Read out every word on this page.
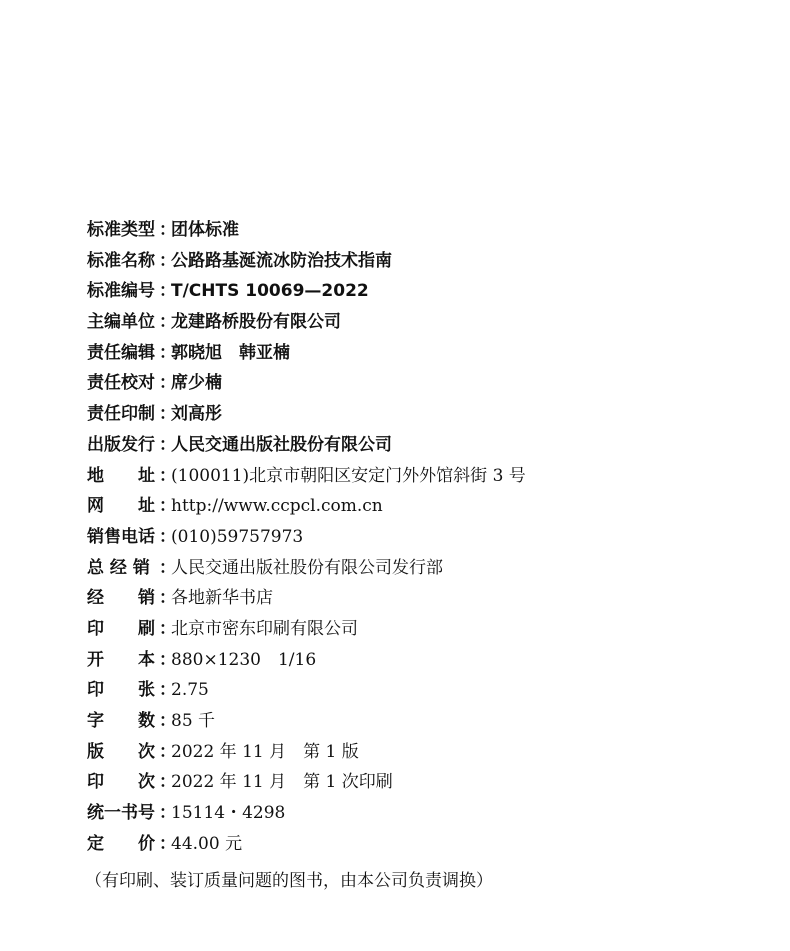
标准类型 ：
团体标准
标准名称 ：
公路路基涎流冰防治技术指南
标准编号 ：
T/CHTS 10069—2022
主编单位 ：
龙建路桥股份有限公司
责任编辑 ：
郭晓旭　韩亚楠
责任校对 ：
席少楠
责任印制 ：
刘高彤
出版发行 ：
人民交通出版社股份有限公司
地　　址 ：
(100011)北京市朝阳区安定门外外馆斜街 3 号
网　　址 ：
http://www.ccpcl.com.cn
销售电话 ：
(010)59757973
总 经 销 ：
人民交通出版社股份有限公司发行部
经　　销 ：
各地新华书店
印　　刷 ：
北京市密东印刷有限公司
开　　本 ：
880×1230　1/16
印　　张 ：
2.75
字　　数 ：
85 千
版　　次 ：
2022 年 11 月　第 1 版
印　　次 ：
2022 年 11 月　第 1 次印刷
统一书号 ：
15114・4298
定　　价 ：
44.00 元
（有印刷、装订质量问题的图书，由本公司负责调换）
